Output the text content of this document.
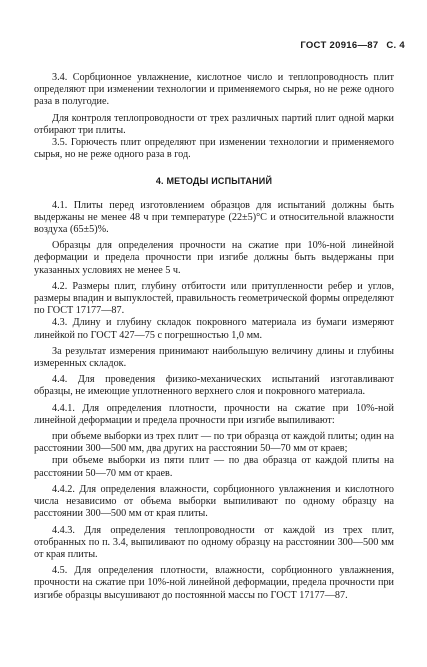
ГОСТ 20916—87 С. 4

3.4. Сорбционное увлажнение, кислотное число и теплопроводность плит определяют при изменении технологии и применяемого сырья, но не реже одного раза в полугодие.

Для контроля теплопроводности от трех различных партий плит одной марки отбирают три плиты.

3.5. Горючесть плит определяют при изменении технологии и применяемого сырья, но не реже одного раза в год.

4. МЕТОДЫ ИСПЫТАНИЙ

4.1. Плиты перед изготовлением образцов для испытаний должны быть выдержаны не менее 48 ч при температуре (22±5)°С и относительной влажности воздуха (65±5)%.

Образцы для определения прочности на сжатие при 10%-ной линейной деформации и предела прочности при изгибе должны быть выдержаны при указанных условиях не менее 5 ч.

4.2. Размеры плит, глубину отбитости или притупленности ребер и углов, размеры впадин и выпуклостей, правильность геометрической формы определяют по ГОСТ 17177—87.

4.3. Длину и глубину складок покровного материала из бумаги измеряют линейкой по ГОСТ 427—75 с погрешностью 1,0 мм.

За результат измерения принимают наибольшую величину длины и глубины измеренных складок.

4.4. Для проведения физико-механических испытаний изготавливают образцы, не имеющие уплотненного верхнего слоя и покровного материала.

4.4.1. Для определения плотности, прочности на сжатие при 10%-ной линейной деформации и предела прочности при изгибе выпиливают:

при объеме выборки из трех плит — по три образца от каждой плиты; один на расстоянии 300—500 мм, два других на расстоянии 50—70 мм от краев;

при объеме выборки из пяти плит — по два образца от каждой плиты на расстоянии 50—70 мм от краев.

4.4.2. Для определения влажности, сорбционного увлажнения и кислотного числа независимо от объема выборки выпиливают по одному образцу на расстоянии 300—500 мм от края плиты.

4.4.3. Для определения теплопроводности от каждой из трех плит, отобранных по п. 3.4, выпиливают по одному образцу на расстоянии 300—500 мм от края плиты.

4.5. Для определения плотности, влажности, сорбционного увлажнения, прочности на сжатие при 10%-ной линейной деформации, предела прочности при изгибе образцы высушивают до постоянной массы по ГОСТ 17177—87.
